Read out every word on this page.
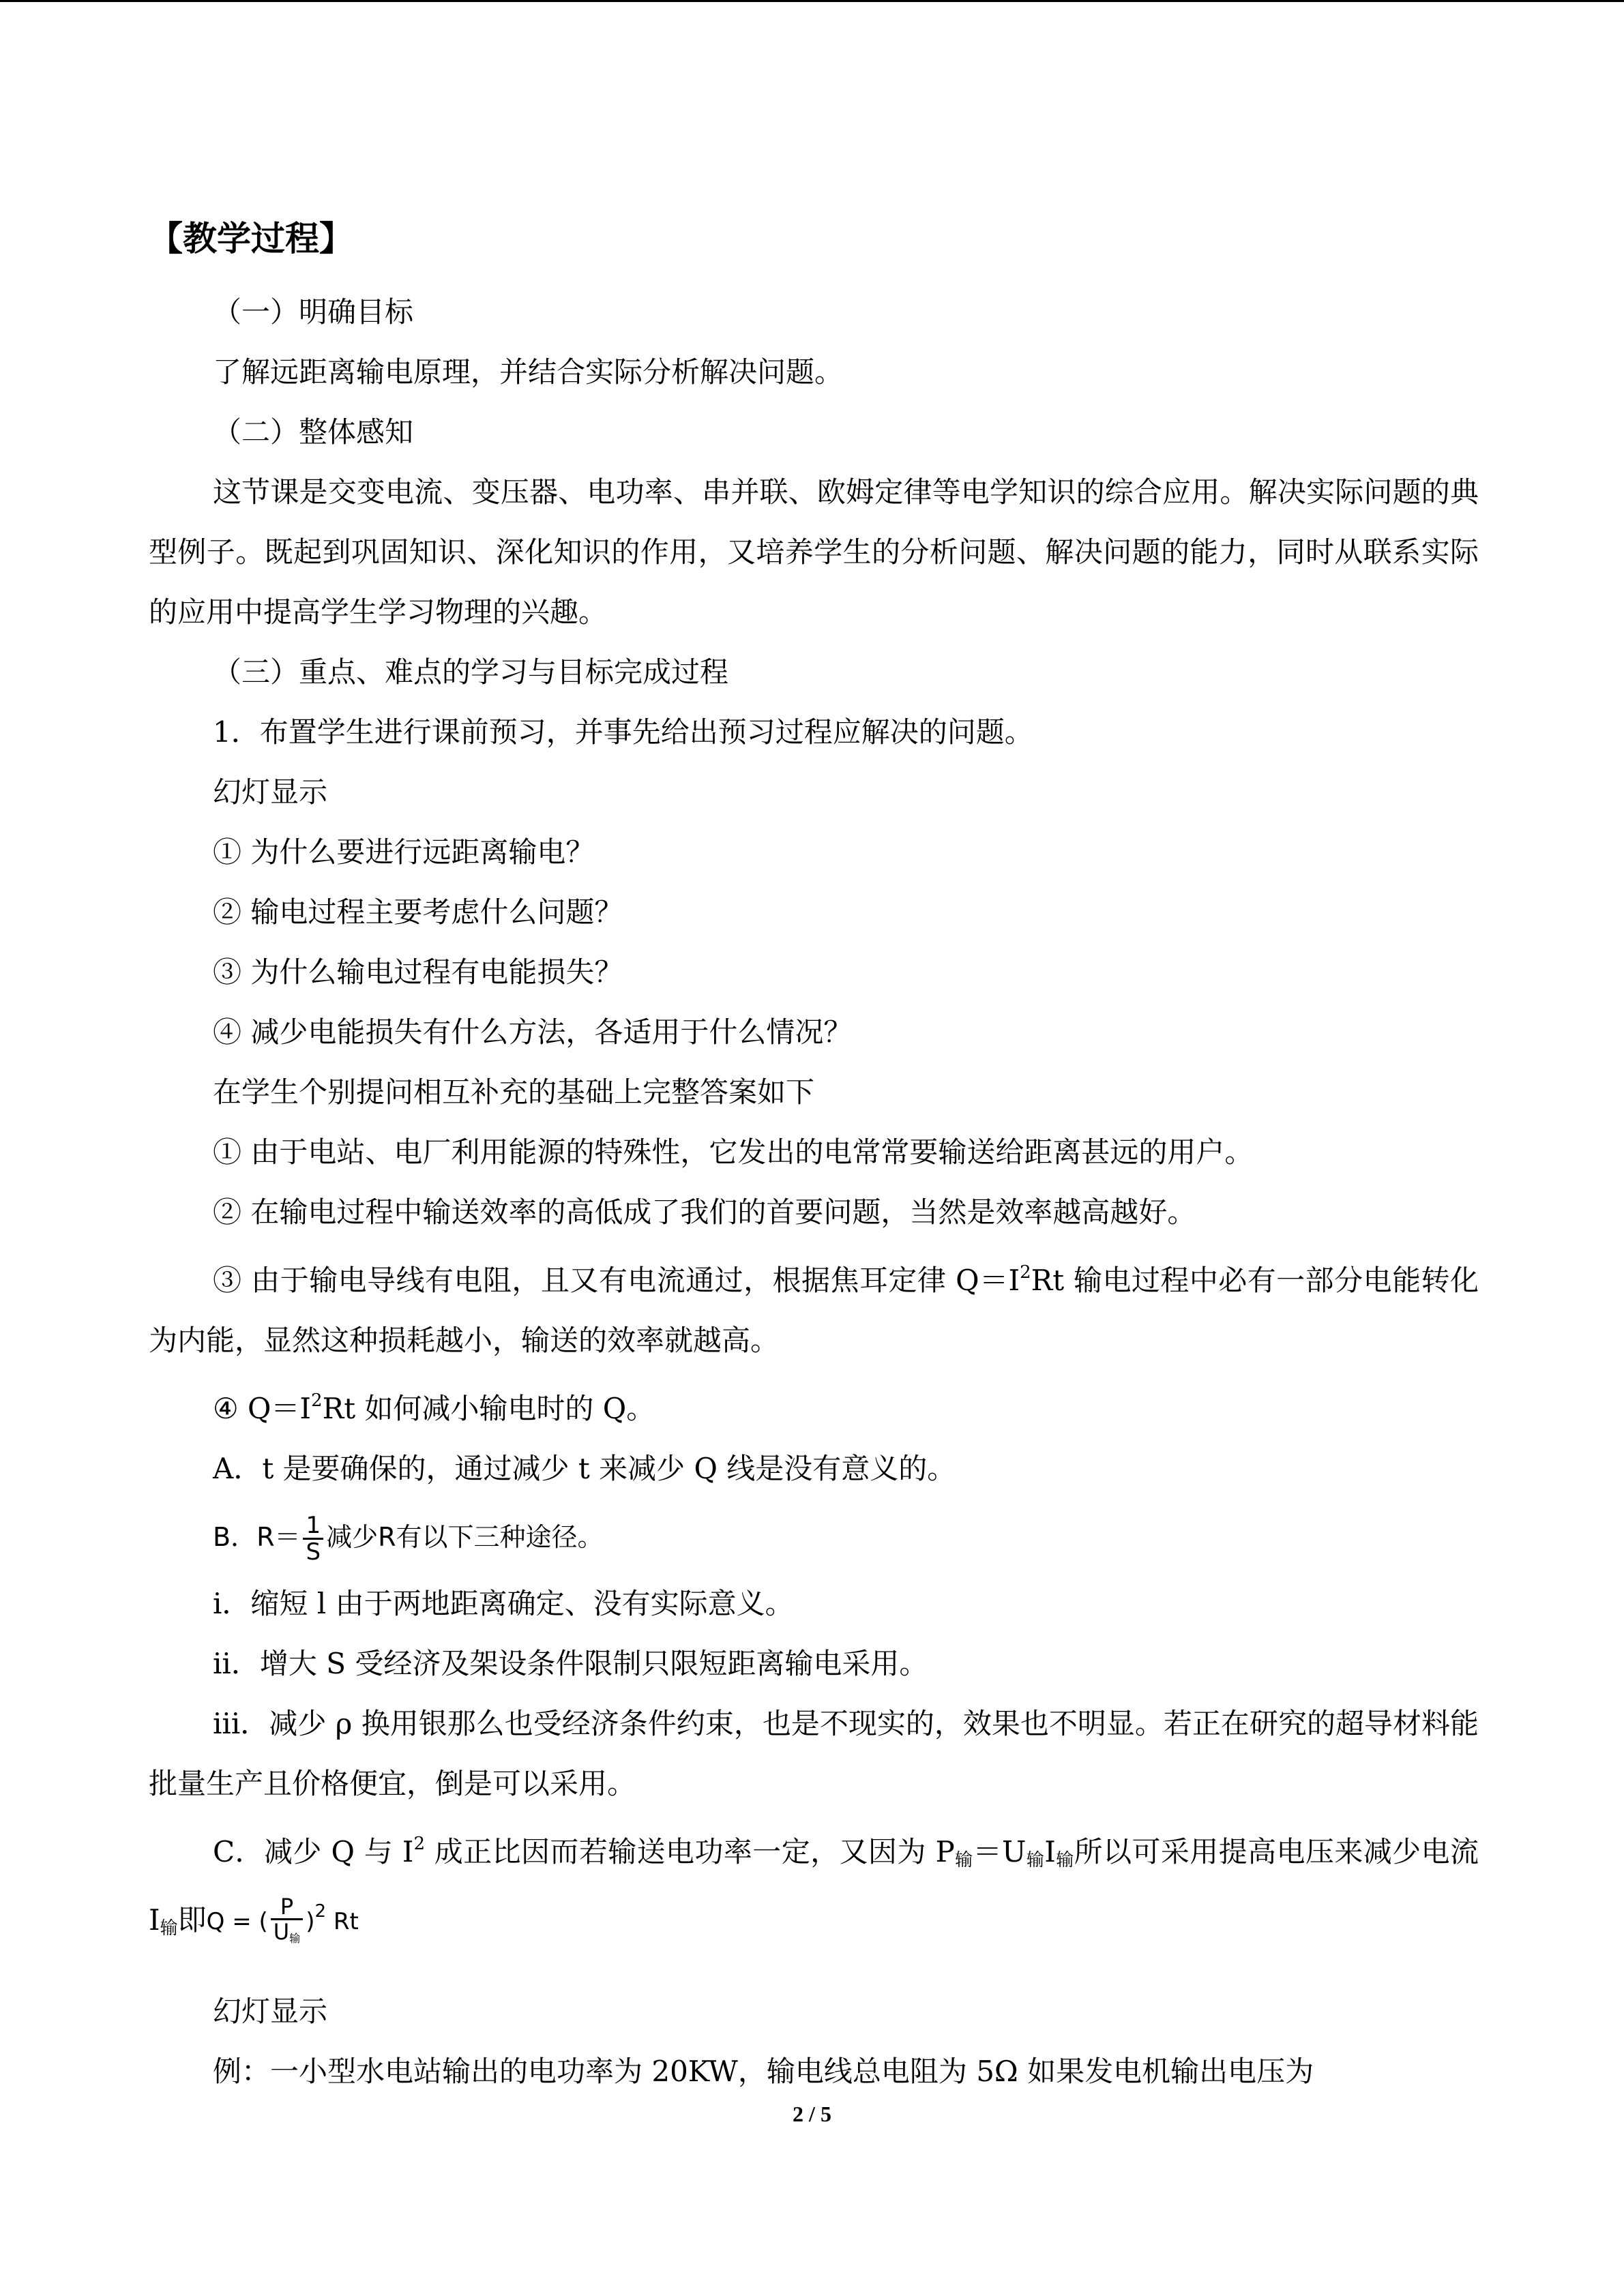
【教学过程】

（一）明确目标

了解远距离输电原理，并结合实际分析解决问题。

（二）整体感知

这节课是交变电流、变压器、电功率、串并联、欧姆定律等电学知识的综合应用。解决实际问题的典型例子。既起到巩固知识、深化知识的作用，又培养学生的分析问题、解决问题的能力，同时从联系实际的应用中提高学生学习物理的兴趣。

（三）重点、难点的学习与目标完成过程

1．布置学生进行课前预习，并事先给出预习过程应解决的问题。

幻灯显示

① 为什么要进行远距离输电？

② 输电过程主要考虑什么问题？

③ 为什么输电过程有电能损失？

④ 减少电能损失有什么方法，各适用于什么情况？

在学生个别提问相互补充的基础上完整答案如下

① 由于电站、电厂利用能源的特殊性，它发出的电常常要输送给距离甚远的用户。

② 在输电过程中输送效率的高低成了我们的首要问题，当然是效率越高越好。

③ 由于输电导线有电阻，且又有电流通过，根据焦耳定律 $Q=I^2Rt$ 输电过程中必有一部分电能转化为内能，显然这种损耗越小，输送的效率就越高。

④ $Q=I^2Rt$ 如何减小输电时的 Q。

A．t 是要确保的，通过减少 t 来减少 Q 线是没有意义的。

B．$R= \frac{1}{S}$ 减少R有以下三种途径。

i．缩短 l 由于两地距离确定、没有实际意义。

ii．增大 S 受经济及架设条件限制只限短距离输电采用。

iii．减少 ρ 换用银那么也受经济条件约束，也是不现实的，效果也不明显。若正在研究的超导材料能批量生产且价格便宜，倒是可以采用。

C．减少 Q 与 $I^2$ 成正比因而若输送电功率一定，又因为 $P_输=U_输I_输$所以可采用提高电压来减少电流 $I_输$即Q = ( $\frac{P}{\text{U输}} )^2$ Rt

幻灯显示

例：一小型水电站输出的电功率为 20KW，输电线总电阻为 5Ω 如果发电机输出电压为

2 / 5
